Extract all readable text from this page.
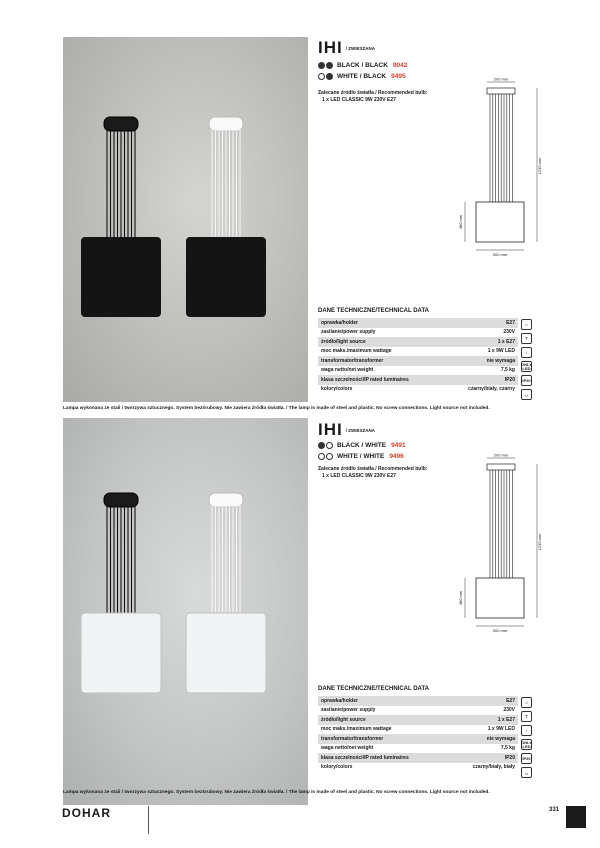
IHI / ZWIESZANA
BLACK / BLACK 9042
WHITE / BLACK 9495
Zalecane źródło światła / Recommended bulb:
1 x LED CLASSIC 9W 230V E27
200 mm
1230 mm
480 mm
500 mm
DANE TECHNICZNE/TECHNICAL DATA
oprawka/holder	E27
zasilanie/power supply	230V
źródło/light source	1 x E27
moc maks./maximum wattage	1 x 9W LED
transformator/transformer	nie wymaga
waga netto/net weight	7,5 kg
klasa szczelności/IP rated luminaires	IP20
kolory/colors	czarny/biały, czarny
⌂
⊤
↕
ONLY LED
IP20
◡
Lampa wykonana ze stali i tworzywa sztucznego. System bezśrubowy. Nie zawiera źródła światła. / The lamp is made of steel and plastic. No screw connections. Light source not included.
IHI / ZWIESZANA
BLACK / WHITE 9491
WHITE / WHITE 9496
Zalecane źródło światła / Recommended bulb:
1 x LED CLASSIC 9W 230V E27
200 mm
1230 mm
480 mm
500 mm
DANE TECHNICZNE/TECHNICAL DATA
oprawka/holder	E27
zasilanie/power supply	230V
źródło/light source	1 x E27
moc maks./maximum wattage	1 x 9W LED
transformator/transformer	nie wymaga
waga netto/net weight	7,5 kg
klasa szczelności/IP rated luminaires	IP20
kolory/colors	czarny/biały, biały
⌂
⊤
↕
ONLY LED
IP20
◡
Lampa wykonana ze stali i tworzywa sztucznego. System bezśrubowy. Nie zawiera źródła światła. / The lamp is made of steel and plastic. No screw connections. Light source not included.
DOHAR	331
